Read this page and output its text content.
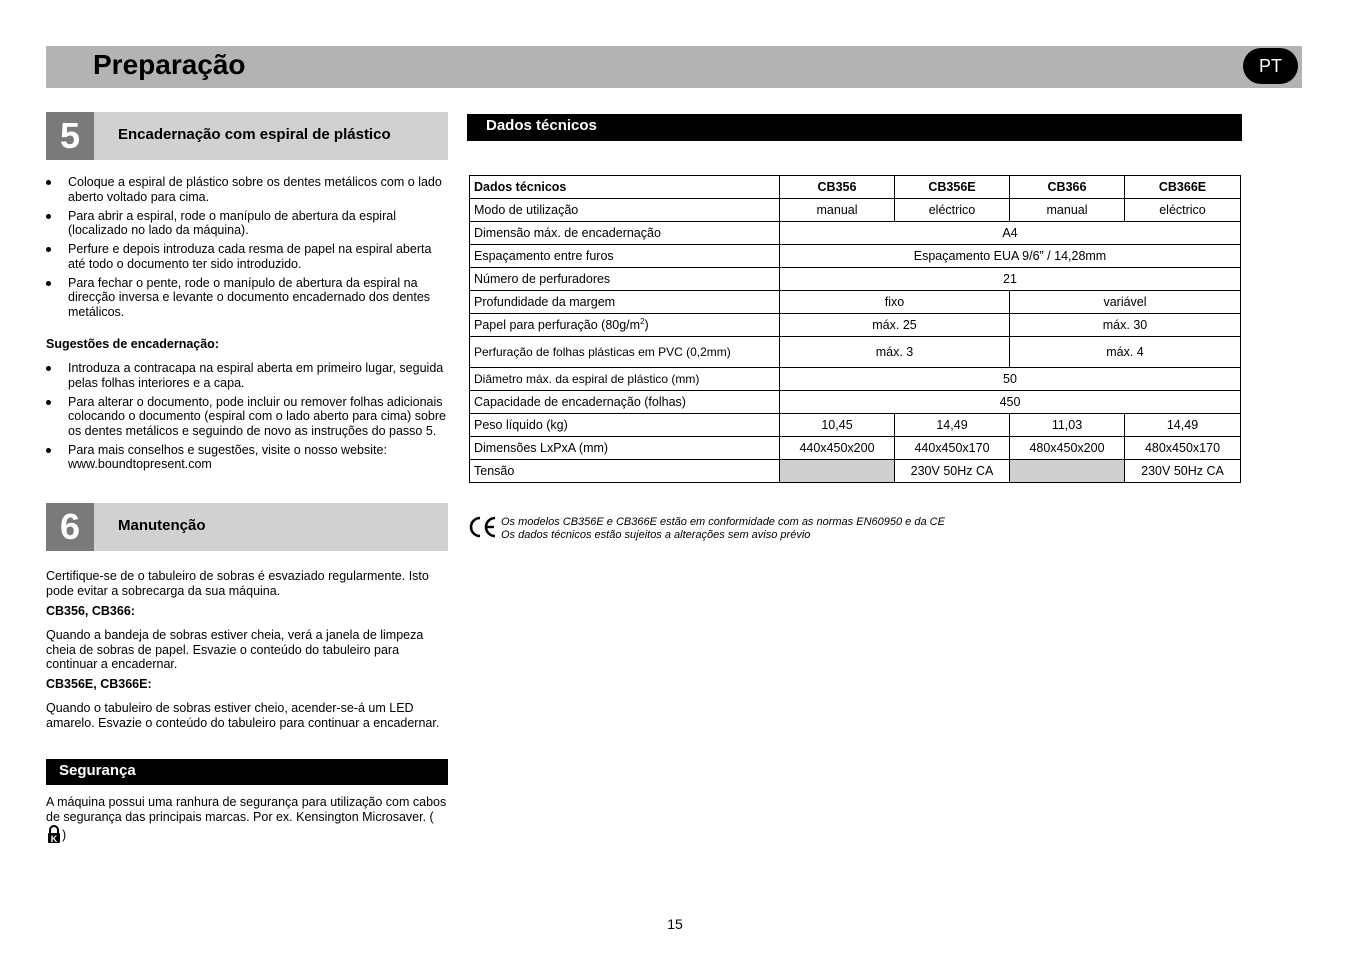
Preparação	PT
5	Encadernação com espiral de plástico
Coloque a espiral de plástico sobre os dentes metálicos com o lado aberto voltado para cima.
Para abrir a espiral, rode o manípulo de abertura da espiral (localizado no lado da máquina).
Perfure e depois introduza cada resma de papel na espiral aberta até todo o documento ter sido introduzido.
Para fechar o pente, rode o manípulo de abertura da espiral na direcção inversa e levante o documento encadernado dos dentes metálicos.
Sugestões de encadernação:
Introduza a contracapa na espiral aberta em primeiro lugar, seguida pelas folhas interiores e a capa.
Para alterar o documento, pode incluir ou remover folhas adicionais colocando o documento (espiral com o lado aberto para cima) sobre os dentes metálicos e seguindo de novo as instruções do passo 5.
Para mais conselhos e sugestões, visite o nosso website: www.boundtopresent.com
6	Manutenção
Certifique-se de o tabuleiro de sobras é esvaziado regularmente. Isto pode evitar a sobrecarga da sua máquina.
CB356, CB366:
Quando a bandeja de sobras estiver cheia, verá a janela de limpeza cheia de sobras de papel. Esvazie o conteúdo do tabuleiro para continuar a encadernar.
CB356E, CB366E:
Quando o tabuleiro de sobras estiver cheio, acender-se-á um LED amarelo. Esvazie o conteúdo do tabuleiro para continuar a encadernar.
Segurança
A máquina possui uma ranhura de segurança para utilização com cabos de segurança das principais marcas. Por ex. Kensington Microsaver. (
K )
Dados técnicos
Dados técnicos	CB356	CB356E	CB366	CB366E
Modo de utilização	manual	eléctrico	manual	eléctrico
Dimensão máx. de encadernação	A4			
Espaçamento entre furos	Espaçamento EUA 9/6” / 14,28mm			
Número de perfuradores	21			
Profundidade da margem	fixo		variável	
Papel para perfuração $(80g/m^2)$	máx. 25		máx. 30	
Perfuração de folhas plásticas em PVC (0,2mm)	máx. 3		máx. 4	
Diâmetro máx. da espiral de plástico (mm)	50			
Capacidade de encadernação (folhas)	450			
Peso líquido (kg)	10,45	14,49	11,03	14,49
Dimensões LxPxA (mm)	440x450x200	440x450x170	480x450x200	480x450x170
Tensão		230V 50Hz CA		230V 50Hz CA
Os modelos CB356E e CB366E estão em conformidade com as normas EN60950 e da CE
Os dados técnicos estão sujeitos a alterações sem aviso prévio
15
